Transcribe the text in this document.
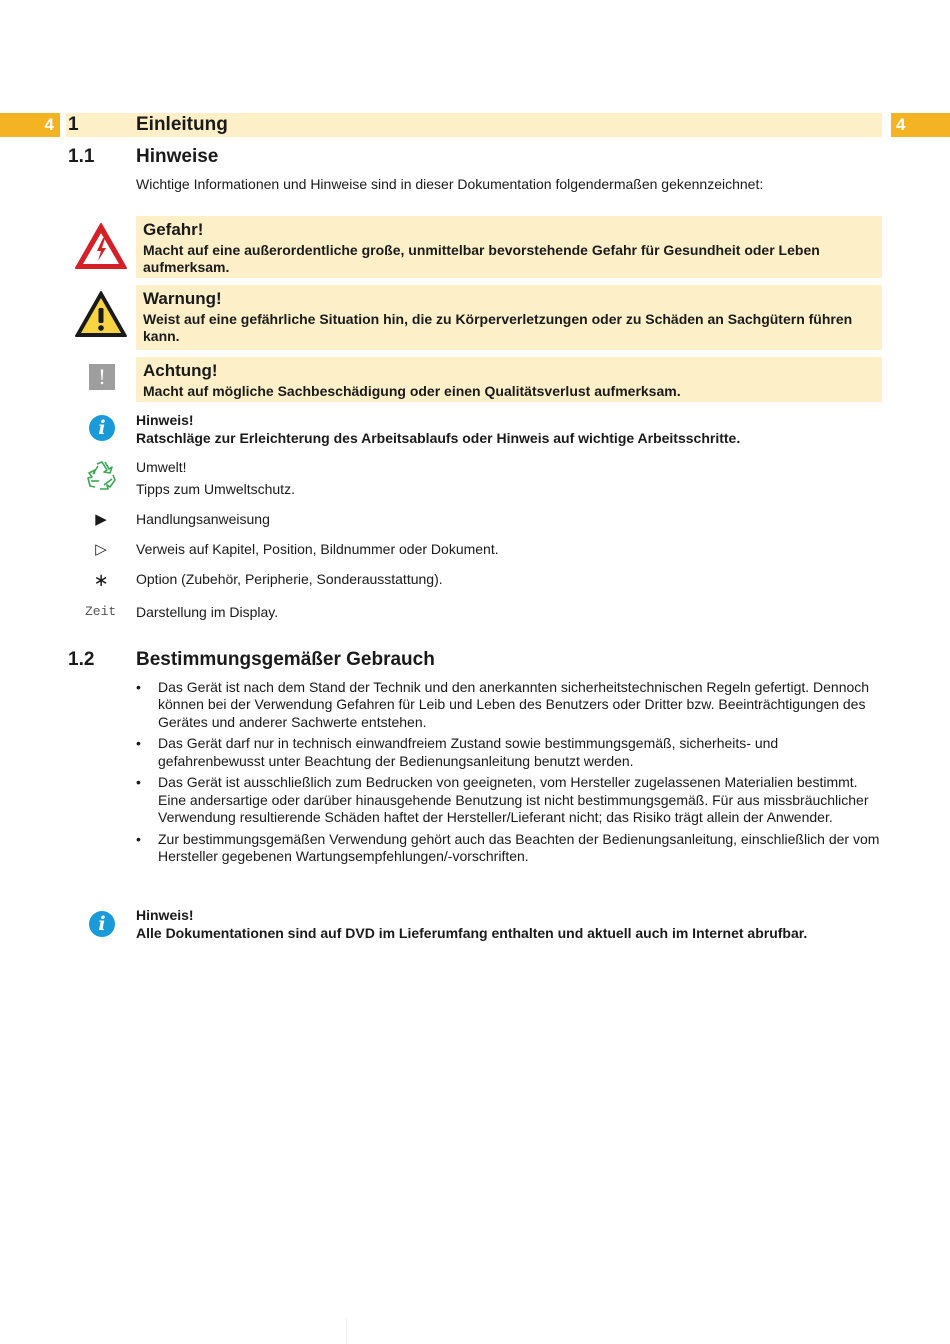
4 1	Einleitung	4
1.1 Hinweise
Wichtige Informationen und Hinweise sind in dieser Dokumentation folgendermaßen gekennzeichnet:
Gefahr!
Macht auf eine außerordentliche große, unmittelbar bevorstehende Gefahr für Gesundheit oder Leben aufmerksam.
Warnung!
Weist auf eine gefährliche Situation hin, die zu Körperverletzungen oder zu Schäden an Sachgütern führen kann.
!	Achtung!
Macht auf mögliche Sachbeschädigung oder einen Qualitätsverlust aufmerksam.
i	Hinweis!
Ratschläge zur Erleichterung des Arbeitsablaufs oder Hinweis auf wichtige Arbeitsschritte.
Umwelt!
Tipps zum Umweltschutz.
▶	Handlungsanweisung
▷	Verweis auf Kapitel, Position, Bildnummer oder Dokument.
∗	Option (Zubehör, Peripherie, Sonderausstattung).
Zeit Darstellung im Display.
1.2 Bestimmungsgemäßer Gebrauch
• Das Gerät ist nach dem Stand der Technik und den anerkannten sicherheitstechnischen Regeln gefertigt. Dennoch können bei der Verwendung Gefahren für Leib und Leben des Benutzers oder Dritter bzw. Beeinträchtigungen des Gerätes und anderer Sachwerte entstehen.
• Das Gerät darf nur in technisch einwandfreiem Zustand sowie bestimmungsgemäß, sicherheits- und gefahrenbewusst unter Beachtung der Bedienungsanleitung benutzt werden.
• Das Gerät ist ausschließlich zum Bedrucken von geeigneten, vom Hersteller zugelassenen Materialien bestimmt. Eine andersartige oder darüber hinausgehende Benutzung ist nicht bestimmungsgemäß. Für aus missbräuchlicher Verwendung resultierende Schäden haftet der Hersteller/Lieferant nicht; das Risiko trägt allein der Anwender.
• Zur bestimmungsgemäßen Verwendung gehört auch das Beachten der Bedienungsanleitung, einschließlich der vom Hersteller gegebenen Wartungsempfehlungen/-vorschriften.
i	Hinweis!
Alle Dokumentationen sind auf DVD im Lieferumfang enthalten und aktuell auch im Internet abrufbar.
